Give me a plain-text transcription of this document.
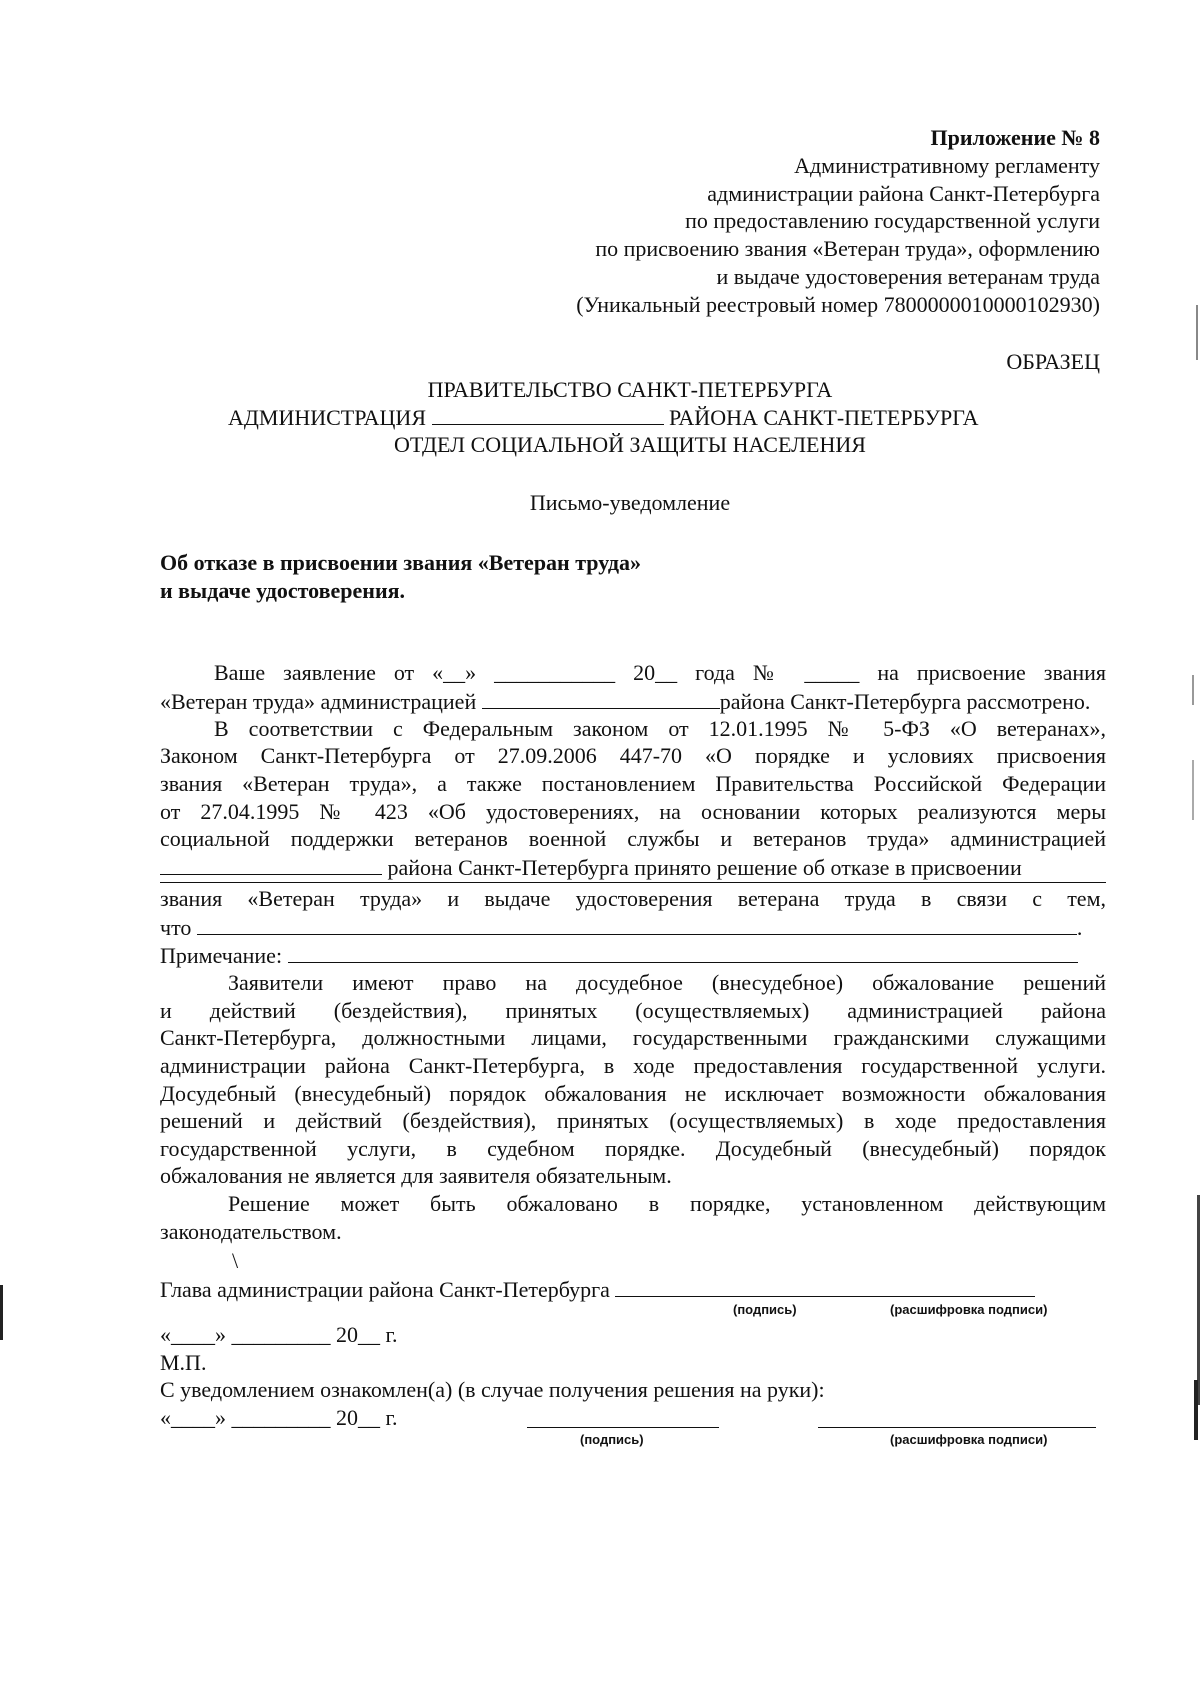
Приложение № 8
Административному регламенту
администрации района Санкт-Петербурга
по предоставлению государственной услуги
по присвоению звания «Ветеран труда», оформлению
и выдаче удостоверения ветеранам труда
(Уникальный реестровый номер 7800000010000102930)
ОБРАЗЕЦ
ПРАВИТЕЛЬСТВО САНКТ-ПЕТЕРБУРГА
АДМИНИСТРАЦИЯ	РАЙОНА САНКТ-ПЕТЕРБУРГА
ОТДЕЛ СОЦИАЛЬНОЙ ЗАЩИТЫ НАСЕЛЕНИЯ
Письмо-уведомление
Об отказе в присвоении звания «Ветеран труда»
и выдаче удостоверения.
Ваше заявление от «__» ___________ 20__ года № _____ на присвоение звания
«Ветеран труда» администрацией	района Санкт-Петербурга рассмотрено.
В соответствии с Федеральным законом от 12.01.1995 № 5-ФЗ «О ветеранах»,
Законом Санкт-Петербурга от 27.09.2006 447-70 «О порядке и условиях присвоения
звания «Ветеран труда», а также постановлением Правительства Российской Федерации
от 27.04.1995 № 423 «Об удостоверениях, на основании которых реализуются меры
социальной поддержки ветеранов военной службы и ветеранов труда» администрацией
района Санкт-Петербурга принято решение об отказе в присвоении
звания «Ветеран труда» и выдаче удостоверения ветерана труда в связи с тем,
что	.
Примечание:
Заявители имеют право на досудебное (внесудебное) обжалование решений
и действий (бездействия), принятых (осуществляемых) администрацией района
Санкт-Петербурга, должностными лицами, государственными гражданскими служащими
администрации района Санкт-Петербурга, в ходе предоставления государственной услуги.
Досудебный (внесудебный) порядок обжалования не исключает возможности обжалования
решений и действий (бездействия), принятых (осуществляемых) в ходе предоставления
государственной услуги, в судебном порядке. Досудебный (внесудебный) порядок
обжалования не является для заявителя обязательным.
Решение может быть обжаловано в порядке, установленном действующим
законодательством.
\
Глава администрации района Санкт-Петербурга
(подпись)	(расшифровка подписи)
«____» _________ 20__ г.
М.П.
С уведомлением ознакомлен(а) (в случае получения решения на руки):
«____» _________ 20__ г.
(подпись)	(расшифровка подписи)
